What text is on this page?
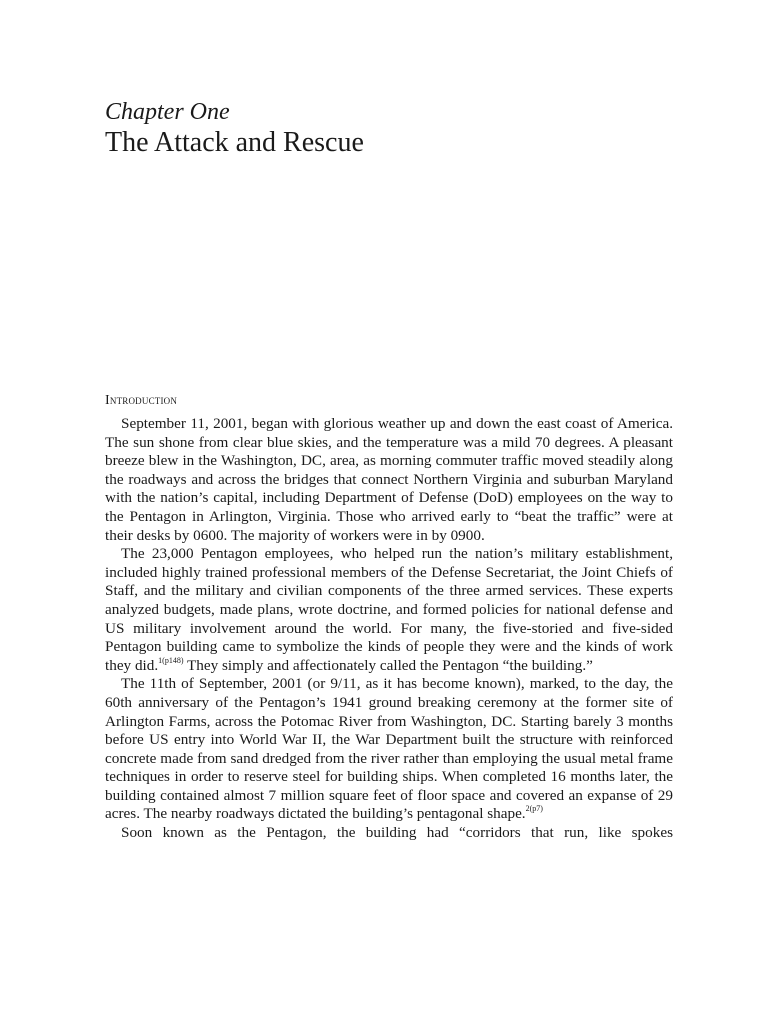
Chapter One
The Attack and Rescue
Introduction

September 11, 2001, began with glorious weather up and down the east coast of America. The sun shone from clear blue skies, and the temperature was a mild 70 degrees. A pleasant breeze blew in the Washington, DC, area, as morning commuter traffic moved steadily along the roadways and across the bridges that connect Northern Virginia and suburban Maryland with the nation’s capital, including Department of Defense (DoD) employees on the way to the Pentagon in Arlington, Virginia. Those who arrived early to “beat the traffic” were at their desks by 0600. The majority of workers were in by 0900.

The 23,000 Pentagon employees, who helped run the nation’s military establishment, included highly trained professional members of the Defense Secretariat, the Joint Chiefs of Staff, and the military and civilian components of the three armed services. These experts analyzed budgets, made plans, wrote doctrine, and formed policies for national defense and US military involvement around the world. For many, the five-storied and five-sided Pentagon building came to symbolize the kinds of people they were and the kinds of work they did.$^{1(p148)}$ They simply and affectionately called the Pentagon “the building.”

The 11th of September, 2001 (or 9/11, as it has become known), marked, to the day, the 60th anniversary of the Pentagon’s 1941 ground breaking ceremony at the former site of Arlington Farms, across the Potomac River from Washington, DC. Starting barely 3 months before US entry into World War II, the War Department built the structure with reinforced concrete made from sand dredged from the river rather than employing the usual metal frame techniques in order to reserve steel for building ships. When completed 16 months later, the building contained almost 7 million square feet of floor space and covered an expanse of 29 acres. The nearby roadways dictated the building’s pentagonal shape.$^{2(p7)}$

Soon known as the Pentagon, the building had “corridors that run, like spokes
